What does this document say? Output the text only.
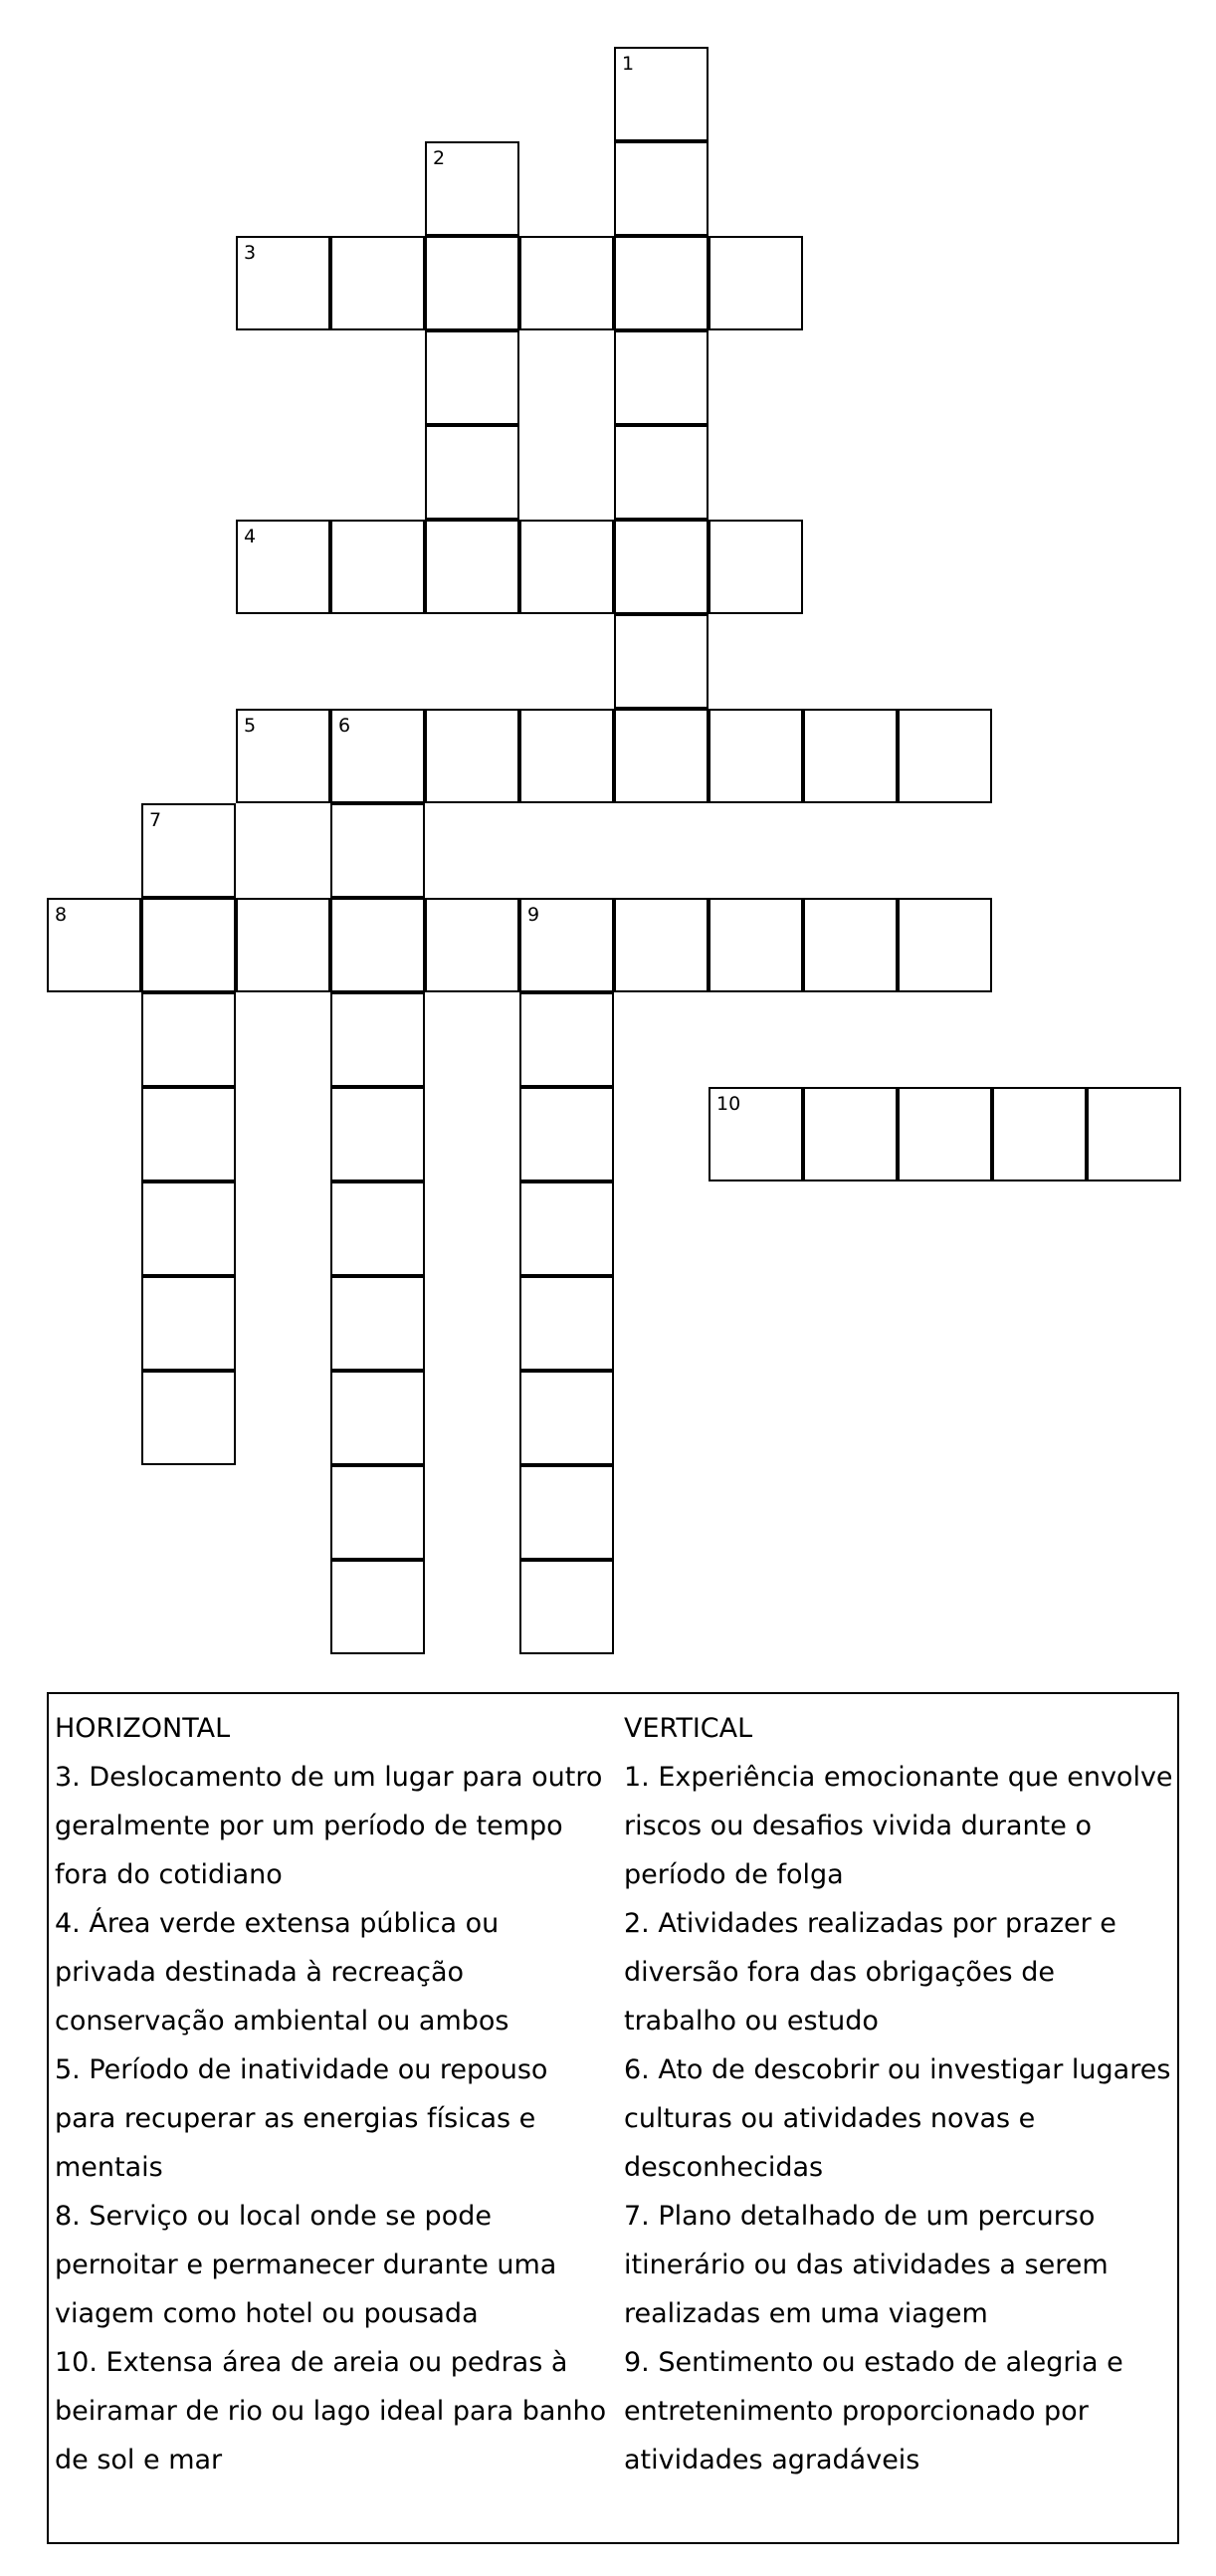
1
2
3
4
5	6
7
8	9
10
HORIZONTAL
3. Deslocamento de um lugar para outro
geralmente por um período de tempo
fora do cotidiano
4. Área verde extensa pública ou
privada destinada à recreação
conservação ambiental ou ambos
5. Período de inatividade ou repouso
para recuperar as energias físicas e
mentais
8. Serviço ou local onde se pode
pernoitar e permanecer durante uma
viagem como hotel ou pousada
10. Extensa área de areia ou pedras à
beiramar de rio ou lago ideal para banho
de sol e mar
VERTICAL
1. Experiência emocionante que envolve
riscos ou desafios vivida durante o
período de folga
2. Atividades realizadas por prazer e
diversão fora das obrigações de
trabalho ou estudo
6. Ato de descobrir ou investigar lugares
culturas ou atividades novas e
desconhecidas
7. Plano detalhado de um percurso
itinerário ou das atividades a serem
realizadas em uma viagem
9. Sentimento ou estado de alegria e
entretenimento proporcionado por
atividades agradáveis
